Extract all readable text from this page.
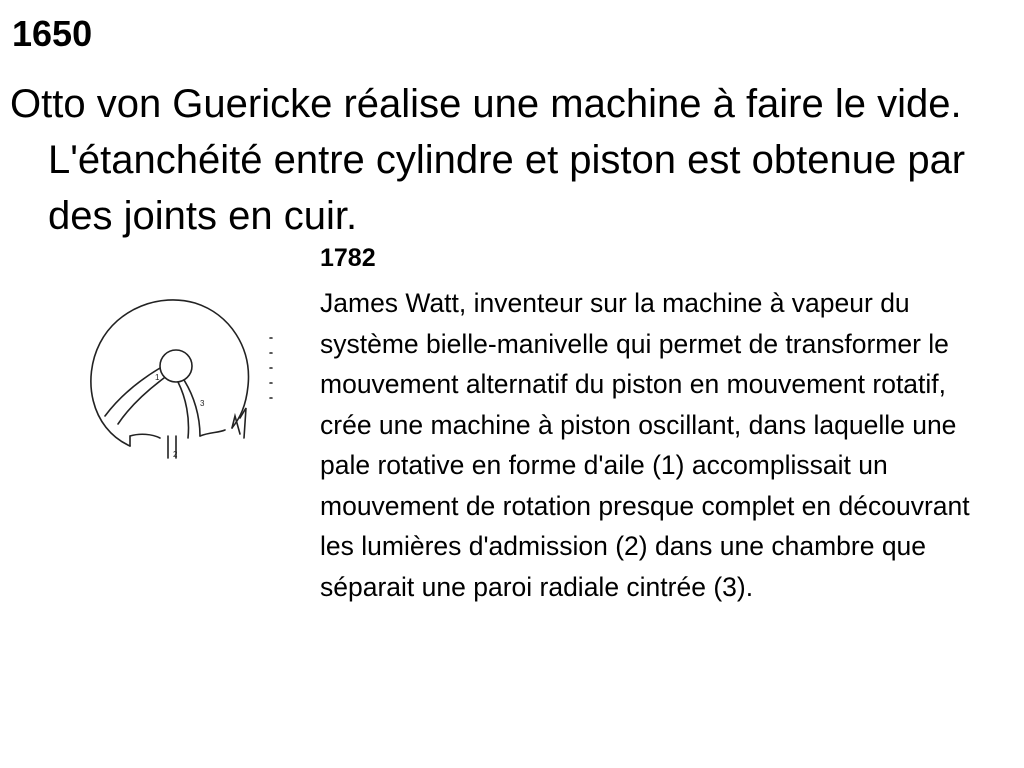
1650
Otto von Guericke réalise une machine à faire le vide. L'étanchéité entre cylindre et piston est obtenue par des joints en cuir.
1782
James Watt, inventeur sur la machine à vapeur du système bielle-manivelle qui permet de transformer le mouvement alternatif du piston en mouvement rotatif, crée une machine à piston oscillant, dans laquelle une pale rotative en forme d'aile (1) accomplissait un mouvement de rotation presque complet en découvrant les lumières d'admission (2) dans une chambre que séparait une paroi radiale cintrée (3).
1
2
3
